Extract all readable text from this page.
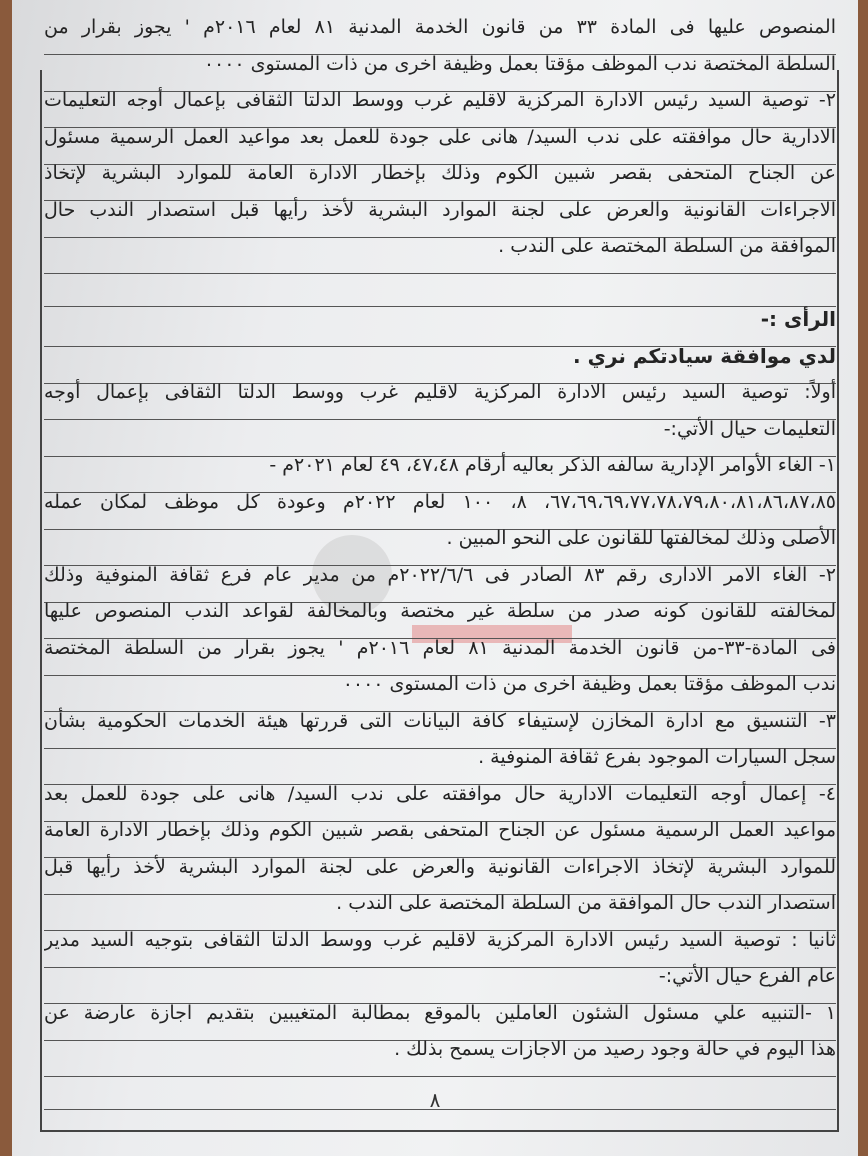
المنصوص عليها فى المادة ٣٣ من قانون الخدمة المدنية ٨١ لعام ٢٠١٦م ' يجوز بقرار من
السلطة المختصة ندب الموظف مؤقتا بعمل وظيفة اخرى من ذات المستوى ٠٠٠٠
٢- توصية السيد رئيس الادارة المركزية لاقليم غرب ووسط الدلتا الثقافى بإعمال أوجه التعليمات
الادارية حال موافقته على ندب السيد/ هانى على جودة للعمل بعد مواعيد العمل الرسمية مسئول
عن الجناح المتحفى بقصر شبين الكوم وذلك بإخطار الادارة العامة للموارد البشرية لإتخاذ
الاجراءات القانونية والعرض على لجنة الموارد البشرية لأخذ رأيها قبل استصدار الندب حال
الموافقة من السلطة المختصة على الندب .
الرأى :-
لدي موافقة سيادتكم نري .
أولاً: توصية السيد رئيس الادارة المركزية لاقليم غرب ووسط الدلتا الثقافى بإعمال أوجه
التعليمات حيال الأتي:-
١- الغاء الأوامر الإدارية سالفه الذكر بعاليه أرقام ٤٧،٤٨، ٤٩ لعام ٢٠٢١م -
٦٧،٦٩،٦٩،٧٧،٧٨،٧٩،٨٠،٨١،٨٦،٨٧،٨٥، ٨، ١٠٠ لعام ٢٠٢٢م وعودة كل موظف لمكان عمله
الأصلى وذلك لمخالفتها للقانون على النحو المبين .
٢- الغاء الامر الادارى رقم ٨٣ الصادر فى ٢٠٢٢/٦/٦م من مدير عام فرع ثقافة المنوفية وذلك
لمخالفته للقانون كونه صدر من سلطة غير مختصة وبالمخالفة لقواعد الندب المنصوص عليها
فى المادة-٣٣-من قانون الخدمة المدنية ٨١ لعام ٢٠١٦م ' يجوز بقرار من السلطة المختصة
ندب الموظف مؤقتا بعمل وظيفة اخرى من ذات المستوى ٠٠٠٠
٣- التنسيق مع ادارة المخازن لإستيفاء كافة البيانات التى قررتها هيئة الخدمات الحكومية بشأن
سجل السيارات الموجود بفرع ثقافة المنوفية .
٤- إعمال أوجه التعليمات الادارية حال موافقته على ندب السيد/ هانى على جودة للعمل بعد
مواعيد العمل الرسمية مسئول عن الجناح المتحفى بقصر شبين الكوم وذلك بإخطار الادارة العامة
للموارد البشرية لإتخاذ الاجراءات القانونية والعرض على لجنة الموارد البشرية لأخذ رأيها قبل
استصدار الندب حال الموافقة من السلطة المختصة على الندب .
ثانيا : توصية السيد رئيس الادارة المركزية لاقليم غرب ووسط الدلتا الثقافى بتوجيه السيد مدير
عام الفرع حيال الأتي:-
١ -التنبيه علي مسئول الشئون العاملين بالموقع بمطالبة المتغيبين بتقديم اجازة عارضة عن
هذا اليوم في حالة وجود رصيد من الاجازات يسمح بذلك .
٨
